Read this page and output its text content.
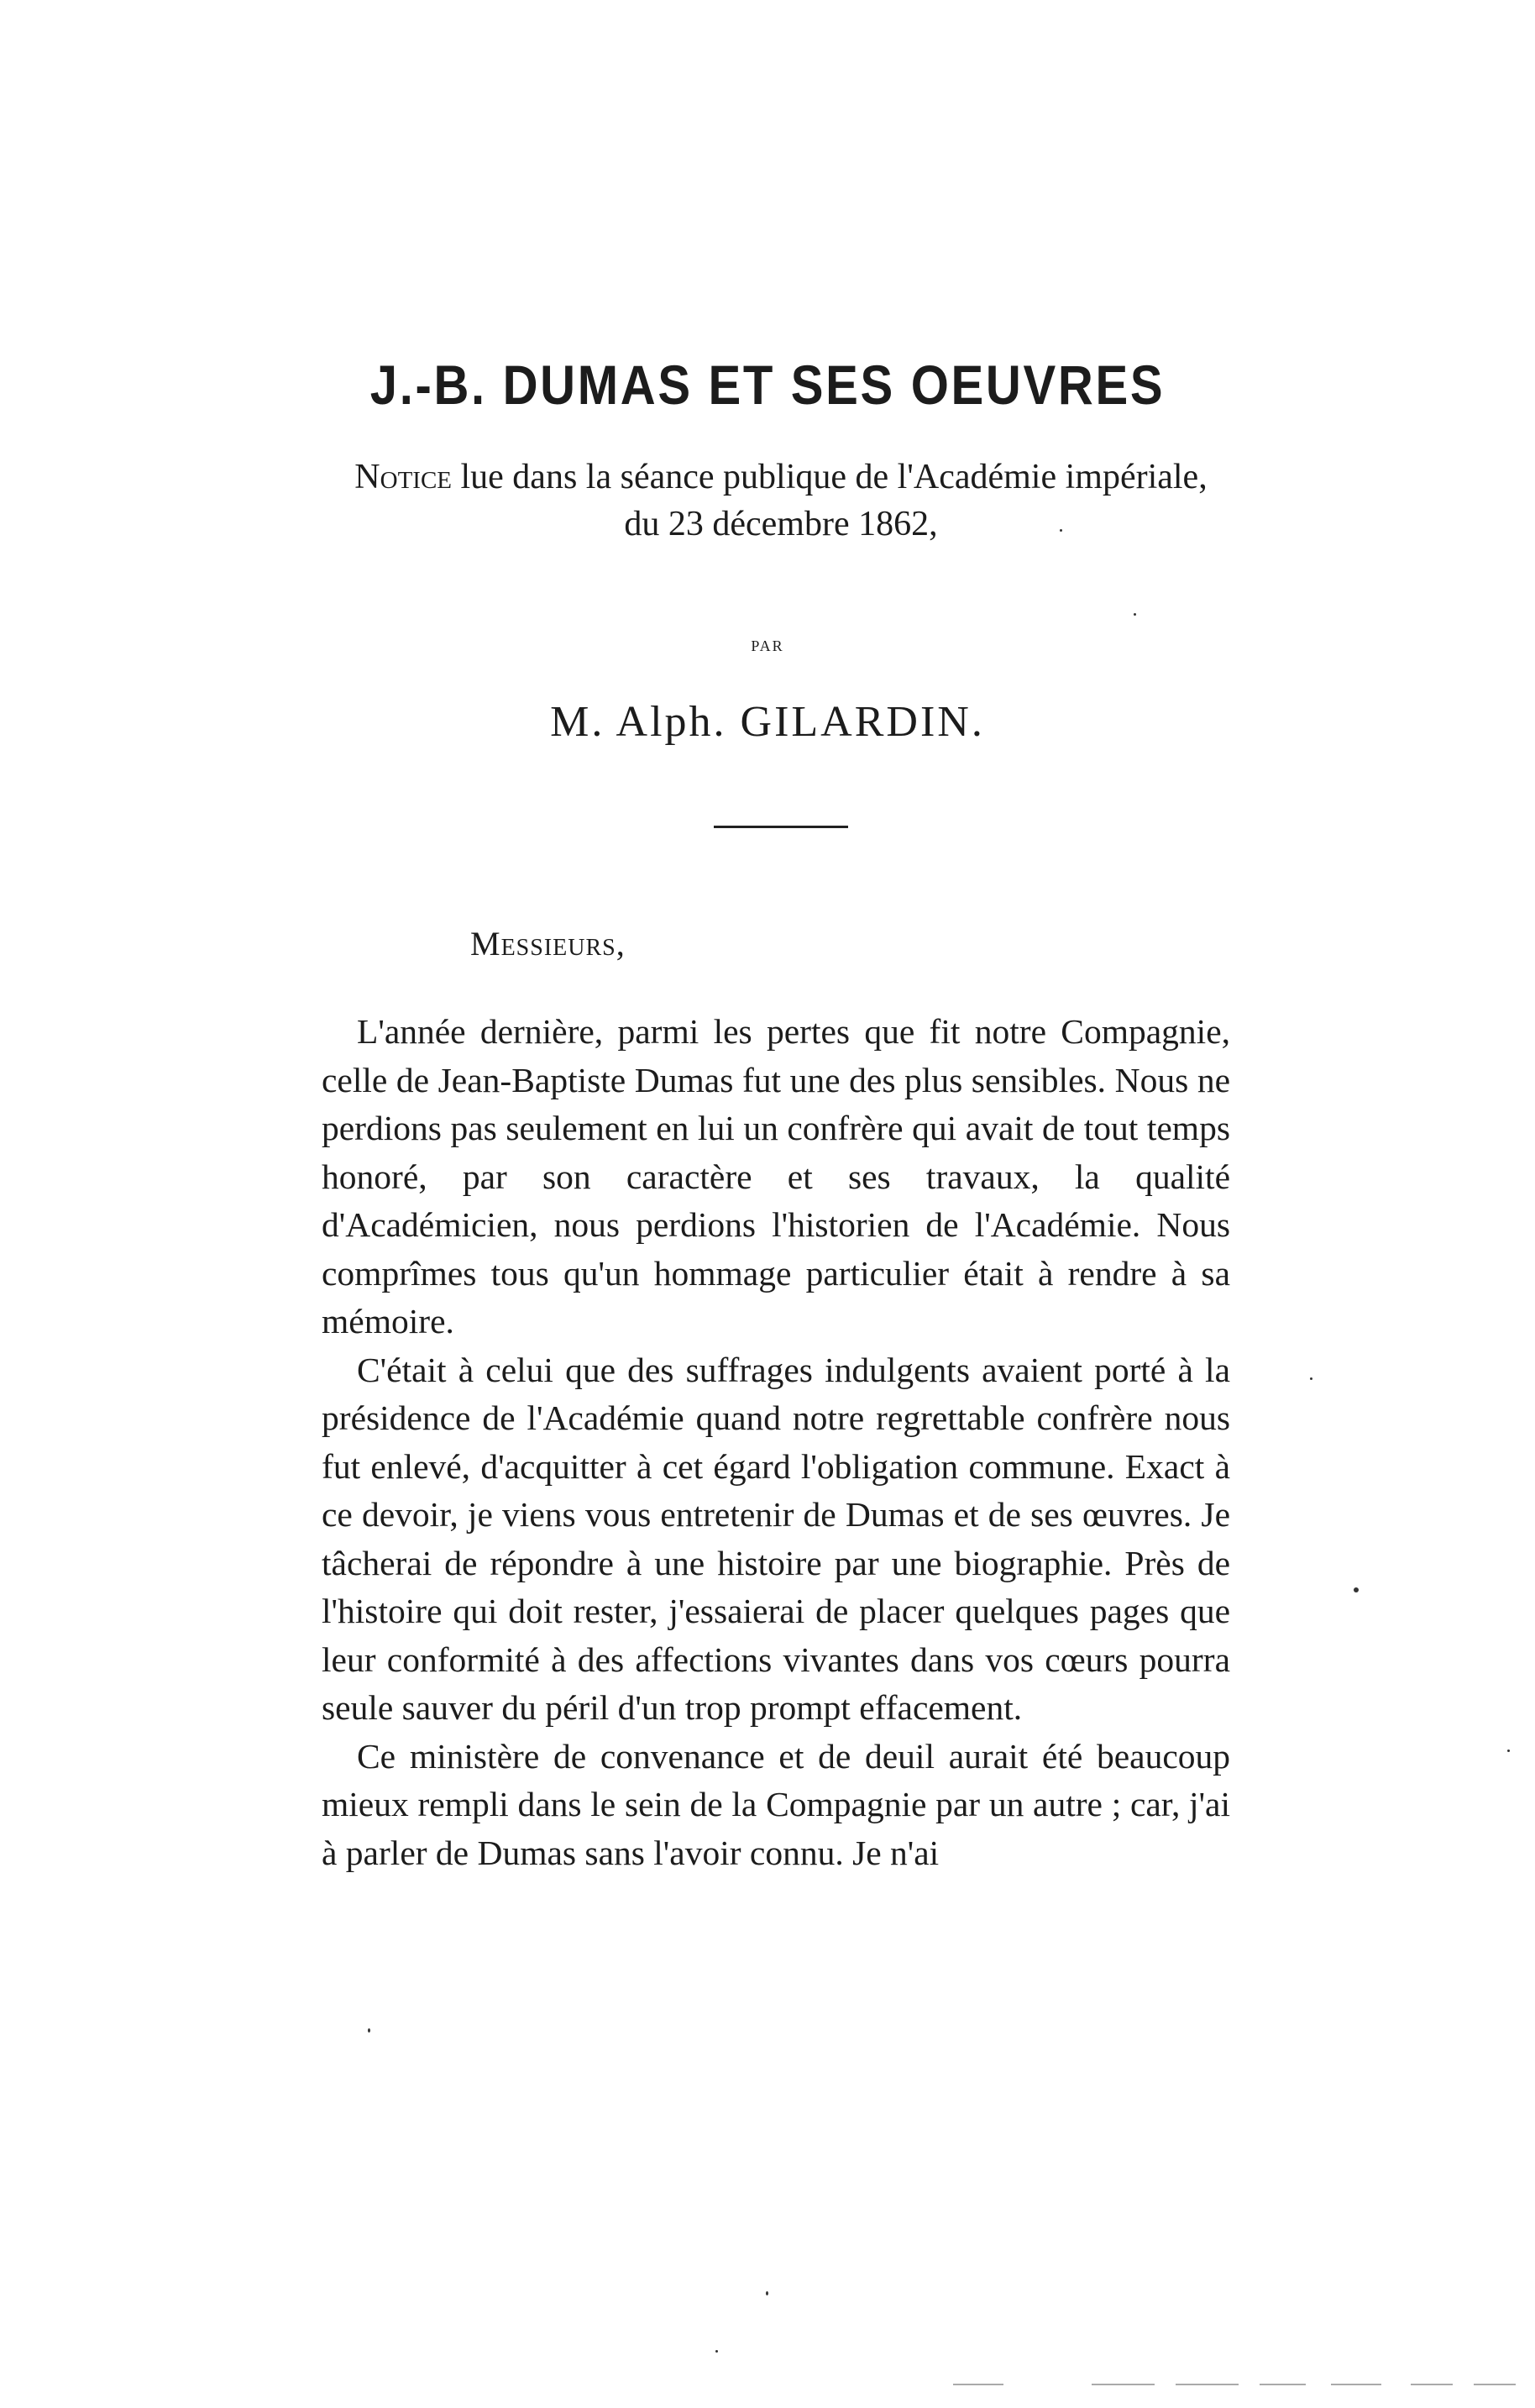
J.-B. DUMAS ET SES OEUVRES
Notice lue dans la séance publique de l'Académie impériale,
du 23 décembre 1862,
par
M. Alph. GILARDIN.
Messieurs,

L'année dernière, parmi les pertes que fit notre Compagnie, celle de Jean-Baptiste Dumas fut une des plus sensibles. Nous ne perdions pas seulement en lui un confrère qui avait de tout temps honoré, par son caractère et ses travaux, la qualité d'Académicien, nous perdions l'historien de l'Académie. Nous comprîmes tous qu'un hommage particulier était à rendre à sa mémoire.

C'était à celui que des suffrages indulgents avaient porté à la présidence de l'Académie quand notre regrettable confrère nous fut enlevé, d'acquitter à cet égard l'obligation commune. Exact à ce devoir, je viens vous entretenir de Dumas et de ses œuvres. Je tâcherai de répondre à une histoire par une biographie. Près de l'histoire qui doit rester, j'essaierai de placer quelques pages que leur conformité à des affections vivantes dans vos cœurs pourra seule sauver du péril d'un trop prompt effacement.

Ce ministère de convenance et de deuil aurait été beaucoup mieux rempli dans le sein de la Compagnie par un autre ; car, j'ai à parler de Dumas sans l'avoir connu. Je n'ai
